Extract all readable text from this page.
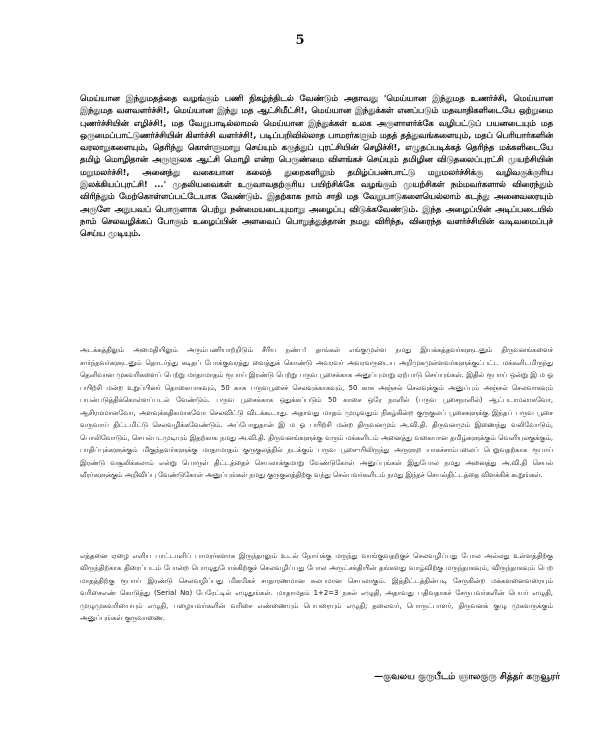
5

மெய்யான இந்துமதத்தை வழங்கும் பணி நிகழ்ந்திடல் வேண்டும் அதாவது 'மெய்யான இந்துமத உணர்ச்சி, மெய்யான இந்துமத வளவளர்ச்சி!, மெய்யான இந்து மத ஆட்சிமீட்சி!, மெய்யான இந்துக்கள் எனப்படும் மதவாதிகளிடையே ஒற்றுமை புணர்ச்சியின் எழிச்சி!, மத வேறுபாடில்லாமல் மெய்யான இந்துக்கள் உலக அருளாளர்க்கே வழிபட்டுப் பயனடையும் மத ஒருமைப்பாட்டுணர்ச்சியின் கிளர்ச்சி வளர்ச்சி!, படிப்பறிவில்லாத பாமரர்களும் மதத் தத்துவங்களையும், மதப் பெரியார்களின் வரலாறுகளையும், தெரிந்து கொள்ளுமாறு செய்யும் கருத்துப் புரட்சியின் செழிச்சி!, எழுதப்படிக்கத் தெரிந்த மக்களிடையே தமிழ் மொழிதான் அருளுலக ஆட்சி மொழி என்ற பெருண்மை விளங்கச் செய்யும் தமிழின விடுதலைப்புரட்சி முயற்சியின் மறுமலர்ச்சி!, அனைத்து வகையான கலைத் துறைகளிலும் தமிழ்ப்பண்பாட்டு மறுமலர்ச்சிக்கு வழிவகுக்குரிய இலக்கியப்புரட்சி! ...' முதலியவைகள் உருவாவதற்குரிய பயிற்சிக்கே வழங்கும் முயற்சிகள் நம்மவர்களால் விரைந்தும் விரிந்தும் மேற்கொள்ளப்பட்டேயாக வேண்டும். இதற்காக நாம் சாதி மத வேறுபாடுகளையெல்லாம் கடந்து அனைவரையும் அருளே அநுபவப் பொருளாக பெற்று நன்மையடையுமாறு அழைப்பு விடுக்கவேண்டும். இந்த அழைப்பின் அடிப்படையில் நாம் செலவழிக்கப் போகும் உழைப்பின் அளவைப் பொறுத்துத்தான் நமது விரிந்த, விரைந்த வளர்ச்சியின் வடிவமைப்புச் செய்ய முடியும்.

அடக்கத்திலும் அமைதியிலும் அரும்பணியாற்றிடும் சீரிய நண்ப! தாங்கள் எங்குமுள்ள நமது இயக்கத்தவர்களுடனும் திருவனங்களைச் சார்ந்தவர்களுடனும் தொடர்ந்து கடிதப் போக்குவரத்து வைத்துக் கொண்டு அவரவர் அவரவருடைய அறிமுகமுள்ளவர்களுக்குட்பட்ட மக்களிடமிருந்து தெளிவான முகவரிகளைப் பெற்று மாதாமாதம் ரூபாய் இரண்டு பெற்று பருவ பூசைக்காக அனுப்புமாறு ஏற்பாடு செய்யுங்கள். இதில் ரூபாய் ஒன்று இ ம ஓ பயிற்சி மன்ற உறுப்பினர் தொகையாகவும், 50 காசு பருவபூசைச் செலவுக்காகவும், 50 காசு அஞ்சல் செலவுக்கும் அனுப்பும் அஞ்சல் செலவாகவும் பயன்படுத்திக்கொள்ளப்படல் வேண்டும். பருவ பூசைக்காக ஒதுக்கப்படும் 50 காசை ஒரே நாளில் (பருவ பூசைநாளில்) ஆட்படாமலாகவோ, ஆசிரமமானவோ, அளவுக்கதிகமாகவோ செலவிட்டு விடக்கூடாது. அதாவது மாதம் முழுவதும் நிகழ்கின்ற குருகுலப் பூசைகளுக்கு இந்தப் பருவ பூசை வருவாய் திட்டமிட்டு செலவழிக்கவேண்டும். அப்போதுதான் இ ம ஓ பயிற்சி மன்ற திருவனமும் அ.வி.தி. திருவனமும் இணைந்து வலிவோடும், பொலிவோடும், செயல்படமுடியும் இதற்காக நமது அ.வி.தி. திருவனங்களுக்கு வரும் மக்களிடம் அனைத்து வகையான தமிழ்களுக்கும் வெளியுலகுக்கும், பாதிப்புக்களுக்கும் மிகுந்தவர்களுக்கு மாதாமாதம் குருகுலத்தில் நடக்கும் பருவ பூசை-யிலிருந்து அருளுற யாகச்சாம்பலைப் பெறுவதற்காக ரூபாய் இரண்டு வசூலிக்கலாம் என்று பொருள் திட்டத்தைச் செயலாக்குமாறு வேண்டுகோள் அனுப்புங்கள் இதுபோல நமது அனைத்து அ.வி.தி செயல் வீரர்களுக்கும் அறிவிப்பு வேண்டுகோள் அனுப்புங்கள் நமது குருகுலத்திற்கு வந்து செல்பவர்களிடம் நமது இந்தச் செயல்திட்டத்தை விளக்கிக் கூறுங்கள்.

எத்தனை ஏழை எளிய பாட்டாளிப் பாமரர்களாக இருந்தாலும் உடல் நோய்க்கு மருந்து வாங்குவதற்குச் செலவழிப்பது போல அல்லது உள்ளத்திற்கு விருந்திற்காக திரைப்படம் போன்ற பொழுதுபோக்கிற்குச் செலவழிப்பது போல அருட்சக்தியின் தங்களது வாழ்விற்கு மருந்தாகவும், விருந்தாகவும் பெற மாதத்திற்கு ரூபாய் இரண்டு செலவழிப்பது மிகமிகச் சாதாரணமான சுலபமான செயலாகும். இத்திட்டத்தின்படி சேருகின்ற மக்களனைவரையும் வரிசைஎண் கொடுத்து (Serial No) பேரேட்டில் எழுதுங்கள். மாதாமதம் 1+2=3 நகல் எழுதி, அதாவது பதிவதாகச் சேருபவர்களின் பெயர் எழுதி, முழுமுகவரியையும் எழுதி, பழையவர்களின் வரிசை எண்ணையும் பெயரையும் எழுதி; தலைவர், பொருட்பாளர், திருவனக் குழு முகவருக்கும் அனுப்புங்கள் குருவாணை.

—குவலய குருபீடம் ஞாலகுரு சித்தர் கருவூரர்
